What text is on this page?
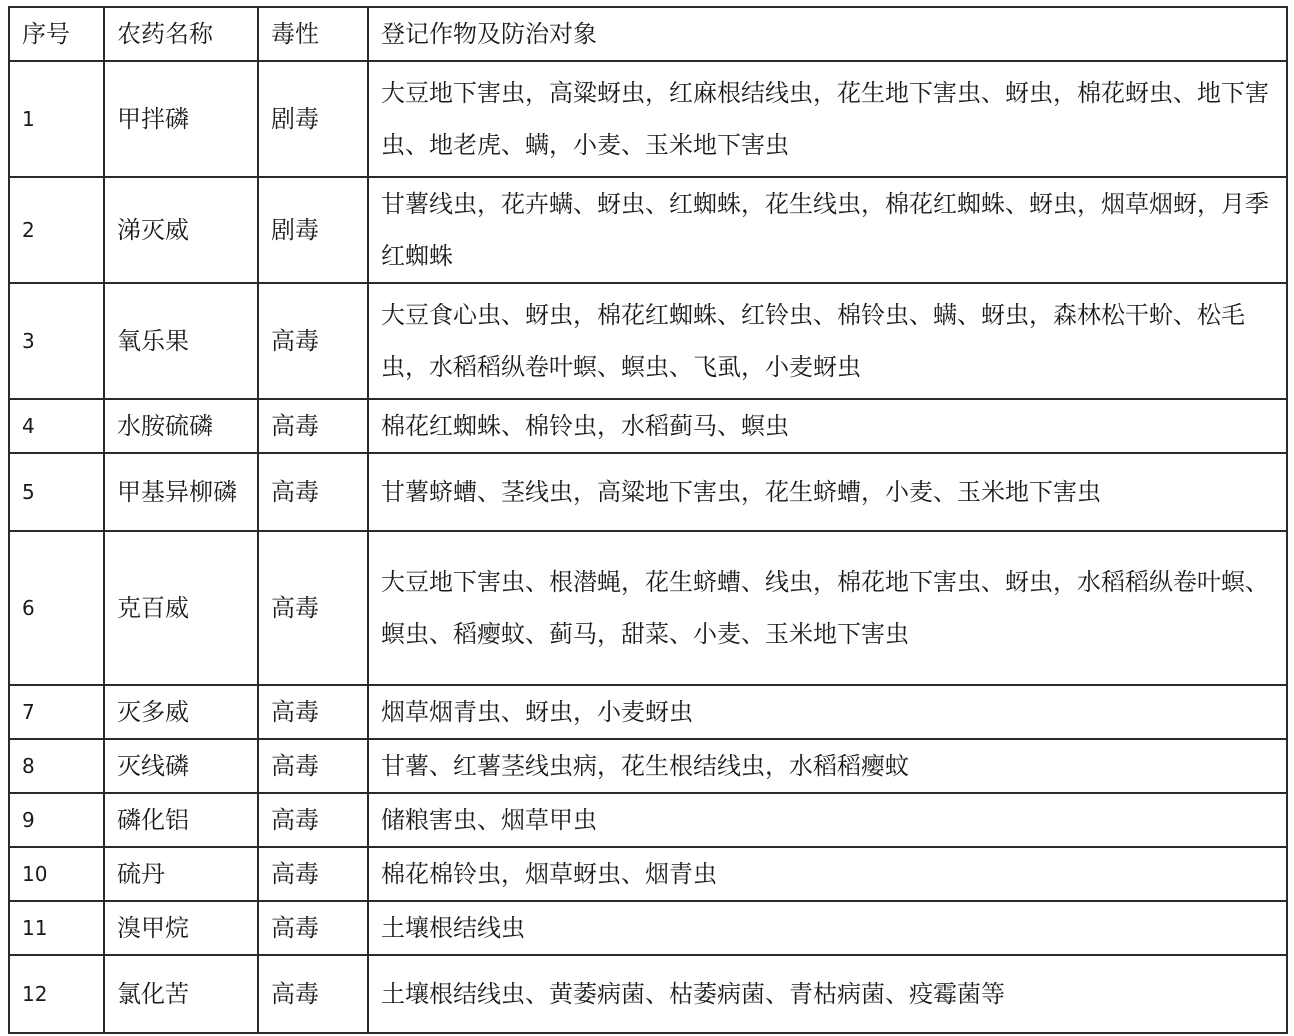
序号	农药名称	毒性	登记作物及防治对象
1	甲拌磷	剧毒	大豆地下害虫，高粱蚜虫，红麻根结线虫，花生地下害虫、蚜虫，棉花蚜虫、地下害虫、地老虎、螨，小麦、玉米地下害虫
2	涕灭威	剧毒	甘薯线虫，花卉螨、蚜虫、红蜘蛛，花生线虫，棉花红蜘蛛、蚜虫，烟草烟蚜，月季红蜘蛛
3	氧乐果	高毒	大豆食心虫、蚜虫，棉花红蜘蛛、红铃虫、棉铃虫、螨、蚜虫，森林松干蚧、松毛虫，水稻稻纵卷叶螟、螟虫、飞虱，小麦蚜虫
4	水胺硫磷	高毒	棉花红蜘蛛、棉铃虫，水稻蓟马、螟虫
5	甲基异柳磷	高毒	甘薯蛴螬、茎线虫，高粱地下害虫，花生蛴螬，小麦、玉米地下害虫
6	克百威	高毒	大豆地下害虫、根潜蝇，花生蛴螬、线虫，棉花地下害虫、蚜虫，水稻稻纵卷叶螟、螟虫、稻瘿蚊、蓟马，甜菜、小麦、玉米地下害虫
7	灭多威	高毒	烟草烟青虫、蚜虫，小麦蚜虫
8	灭线磷	高毒	甘薯、红薯茎线虫病，花生根结线虫，水稻稻瘿蚊
9	磷化铝	高毒	储粮害虫、烟草甲虫
10	硫丹	高毒	棉花棉铃虫，烟草蚜虫、烟青虫
11	溴甲烷	高毒	土壤根结线虫
12	氯化苦	高毒	土壤根结线虫、黄萎病菌、枯萎病菌、青枯病菌、疫霉菌等
